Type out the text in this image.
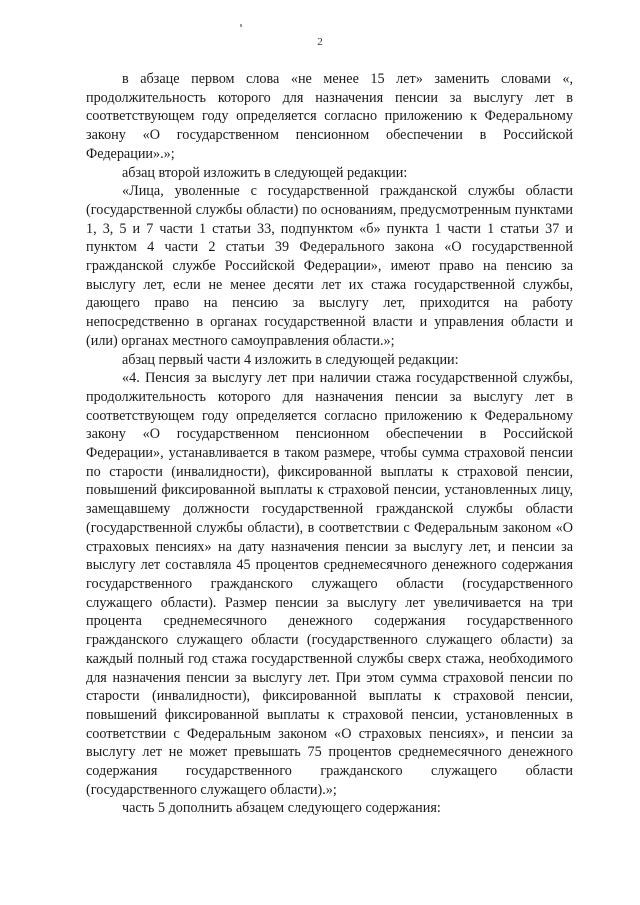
2

в абзаце первом слова «не менее 15 лет» заменить словами «, продолжительность которого для назначения пенсии за выслугу лет в соответствующем году определяется согласно приложению к Федеральному закону «О государственном пенсионном обеспечении в Российской Федерации».»;

абзац второй изложить в следующей редакции:

«Лица, уволенные с государственной гражданской службы области (государственной службы области) по основаниям, предусмотренным пунктами 1, 3, 5 и 7 части 1 статьи 33, подпунктом «б» пункта 1 части 1 статьи 37 и пунктом 4 части 2 статьи 39 Федерального закона «О государственной гражданской службе Российской Федерации», имеют право на пенсию за выслугу лет, если не менее десяти лет их стажа государственной службы, дающего право на пенсию за выслугу лет, приходится на работу непосредственно в органах государственной власти и управления области и (или) органах местного самоуправления области.»;

абзац первый части 4 изложить в следующей редакции:

«4. Пенсия за выслугу лет при наличии стажа государственной службы, продолжительность которого для назначения пенсии за выслугу лет в соответствующем году определяется согласно приложению к Федеральному закону «О государственном пенсионном обеспечении в Российской Федерации», устанавливается в таком размере, чтобы сумма страховой пенсии по старости (инвалидности), фиксированной выплаты к страховой пенсии, повышений фиксированной выплаты к страховой пенсии, установленных лицу, замещавшему должности государственной гражданской службы области (государственной службы области), в соответствии с Федеральным законом «О страховых пенсиях» на дату назначения пенсии за выслугу лет, и пенсии за выслугу лет составляла 45 процентов среднемесячного денежного содержания государственного гражданского служащего области (государственного служащего области). Размер пенсии за выслугу лет увеличивается на три процента среднемесячного денежного содержания государственного гражданского служащего области (государственного служащего области) за каждый полный год стажа государственной службы сверх стажа, необходимого для назначения пенсии за выслугу лет. При этом сумма страховой пенсии по старости (инвалидности), фиксированной выплаты к страховой пенсии, повышений фиксированной выплаты к страховой пенсии, установленных в соответствии с Федеральным законом «О страховых пенсиях», и пенсии за выслугу лет не может превышать 75 процентов среднемесячного денежного содержания государственного гражданского служащего области (государственного служащего области).»;

часть 5 дополнить абзацем следующего содержания:
